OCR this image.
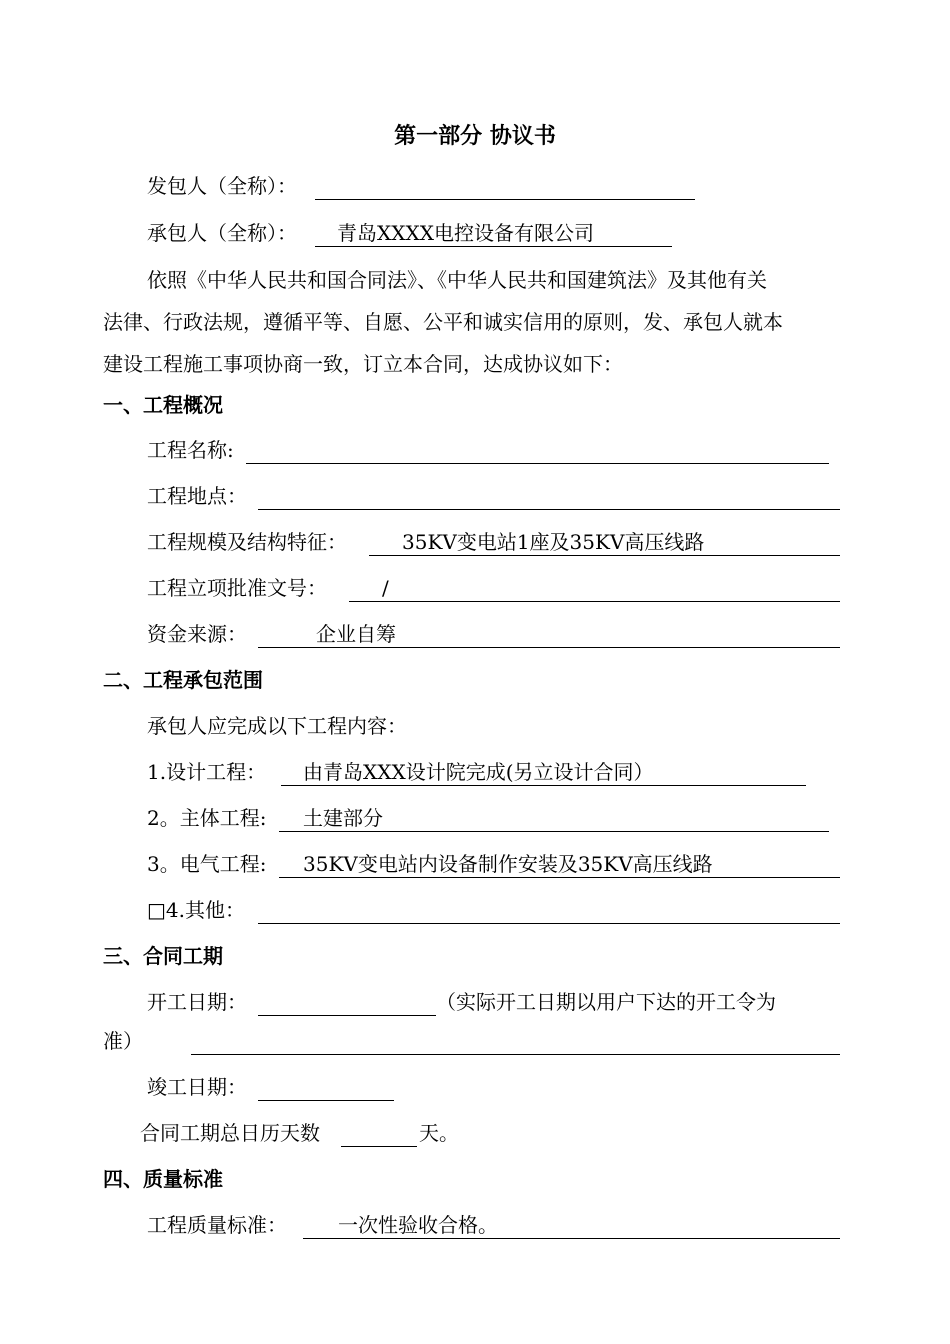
第一部分 协议书
发包人（全称）：
承包人（全称）：	青岛XXXX电控设备有限公司
依照《中华人民共和国合同法》、《中华人民共和国建筑法》及其他有关
法律、行政法规，遵循平等、自愿、公平和诚实信用的原则，发、承包人就本
建设工程施工事项协商一致，订立本合同，达成协议如下：
一、工程概况
工程名称:
工程地点：
工程规模及结构特征：	35KV变电站1座及35KV高压线路
工程立项批准文号：	/
资金来源：	企业自筹
二、工程承包范围
承包人应完成以下工程内容：
1.设计工程：	由青岛XXX设计院完成(另立设计合同）
2。主体工程:	土建部分
3。电气工程:	35KV变电站内设备制作安装及35KV高压线路
□4.其他：
三、合同工期
开工日期：	（实际开工日期以用户下达的开工令为
准）
竣工日期：
合同工期总日历天数	天。
四、质量标准
工程质量标准：	一次性验收合格。
